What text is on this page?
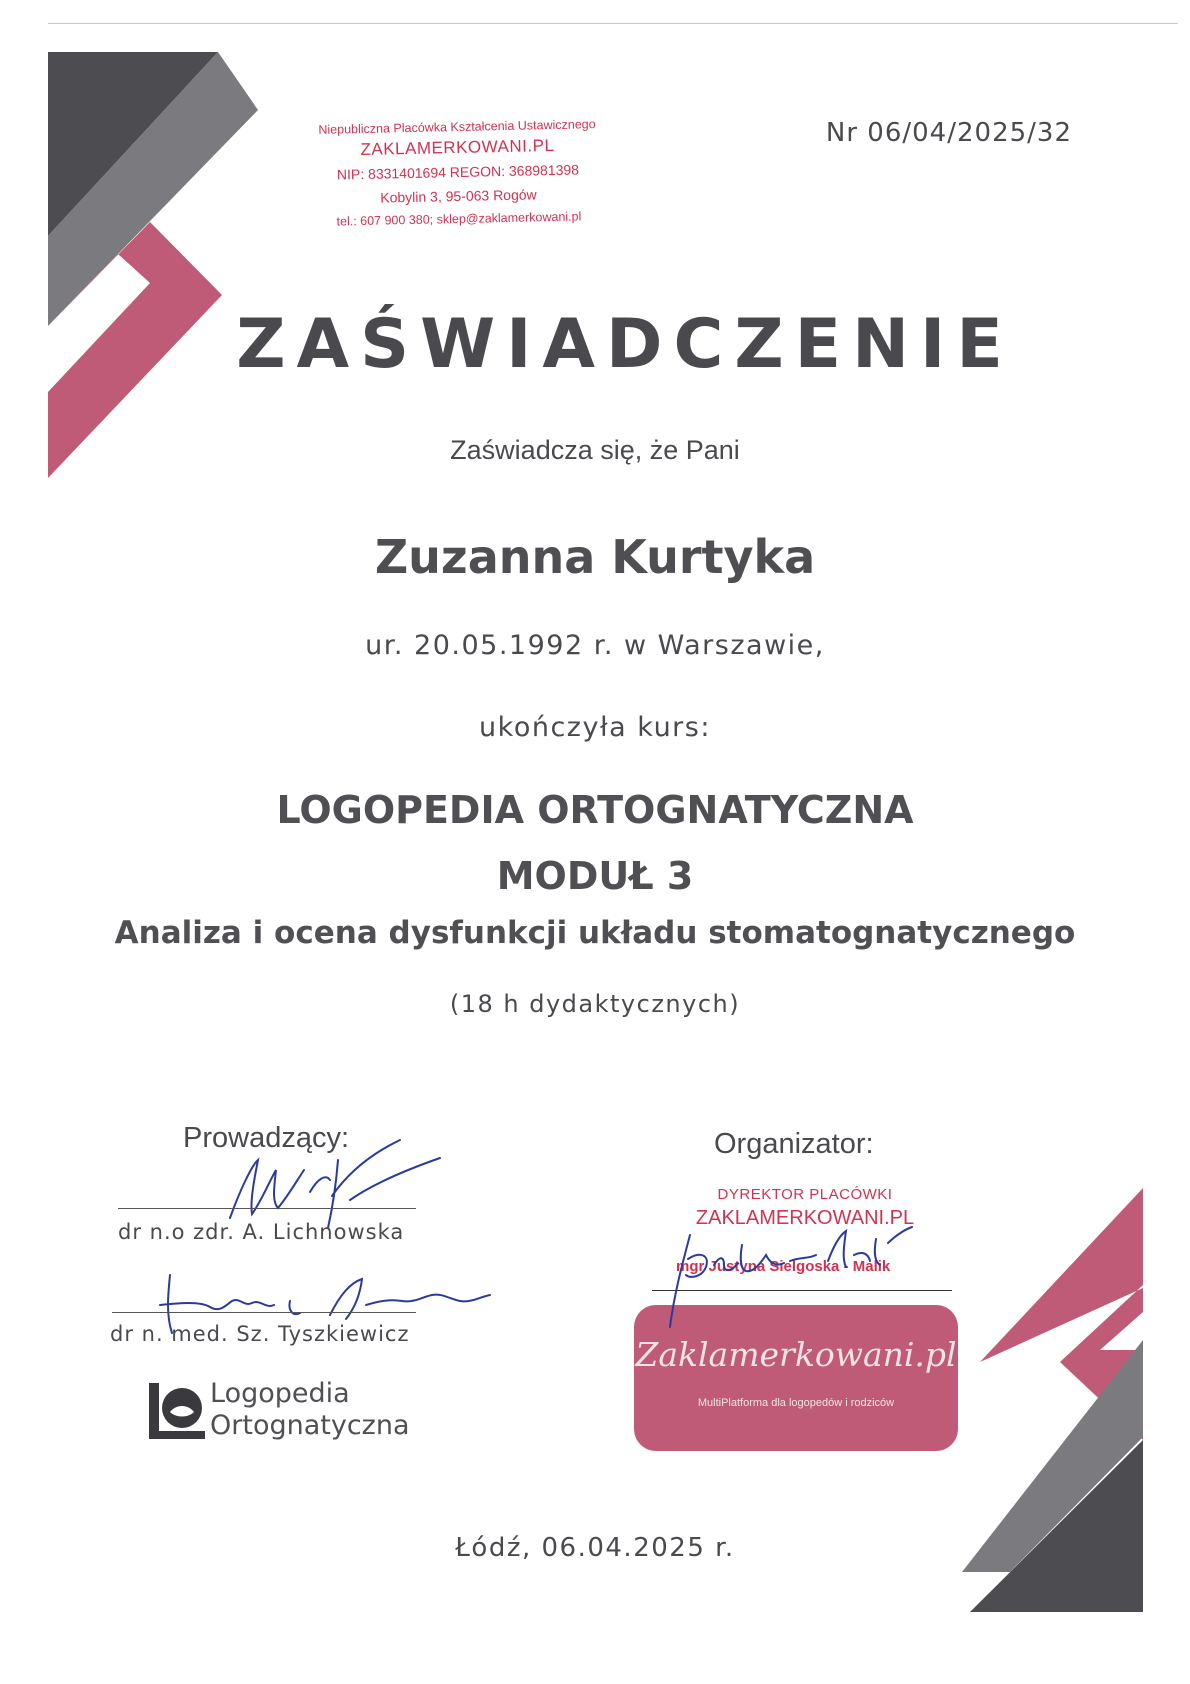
Niepubliczna Placówka Kształcenia Ustawicznego
ZAKLAMERKOWANI.PL
NIP: 8331401694 REGON: 368981398
Kobylin 3, 95-063 Rogów
tel.: 607 900 380; sklep@zaklamerkowani.pl
Nr 06/04/2025/32
ZAŚWIADCZENIE
Zaświadcza się, że Pani
Zuzanna Kurtyka
ur. 20.05.1992 r. w Warszawie,
ukończyła kurs:
LOGOPEDIA ORTOGNATYCZNA
MODUŁ 3
Analiza i ocena dysfunkcji układu stomatognatycznego
(18 h dydaktycznych)
Prowadzący:
dr n.o zdr. A. Lichnowska
dr n. med. Sz. Tyszkiewicz
Logopedia
Ortognatyczna
Organizator:
DYREKTOR PLACÓWKI
ZAKLAMERKOWANI.PL
mgr Justyna Sielgoska - Malik
Zaklamerkowani.pl
MultiPlatforma dla logopedów i rodziców
Łódź, 06.04.2025 r.
